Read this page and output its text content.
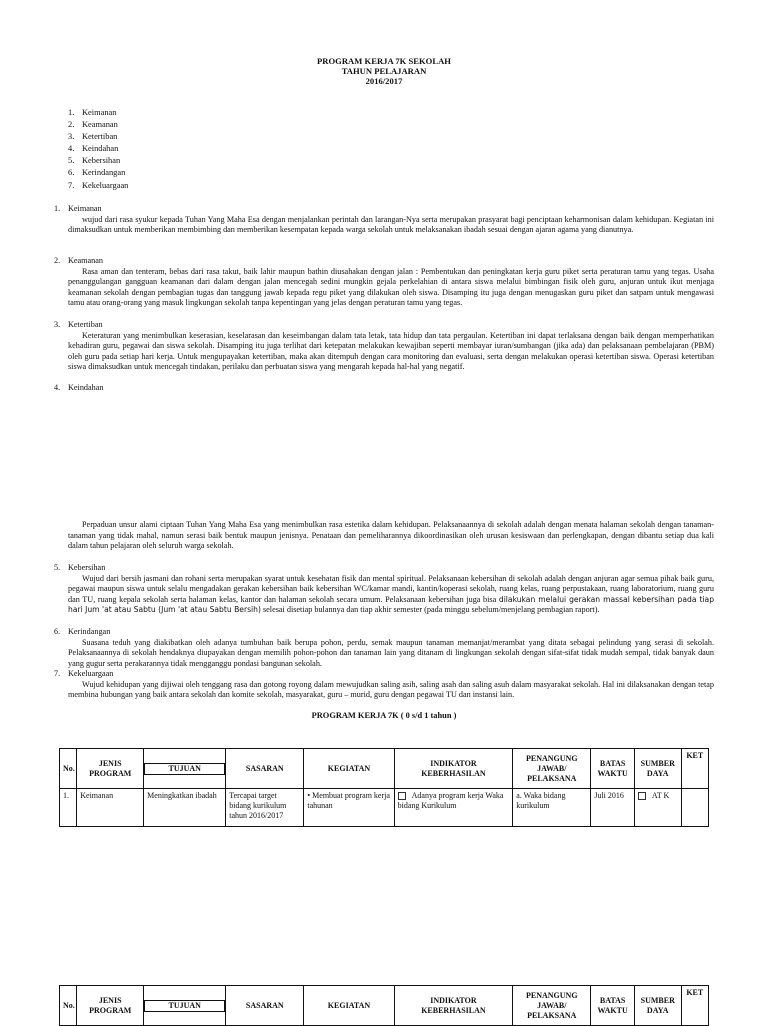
PROGRAM KERJA 7K SEKOLAH
TAHUN PELAJARAN
2016/2017
1. Keimanan
2. Keamanan
3. Ketertiban
4. Keindahan
5. Kebersihan
6. Kerindangan
7. Kekeluargaan
1. Keimanan

wujud dari rasa syukur kepada Tuhan Yang Maha Esa dengan menjalankan perintah dan larangan-Nya serta merupakan prasyarat bagi penciptaan keharmonisan dalam kehidupan. Kegiatan ini dimaksudkan untuk memberikan membimbing dan memberikan kesempatan kepada warga sekolah untuk melaksanakan ibadah sesuai dengan ajaran agama yang dianutnya.

2. Keamanan

Rasa aman dan tenteram, bebas dari rasa takut, baik lahir maupun bathin diusahakan dengan jalan : Pembentukan dan peningkatan kerja guru piket serta peraturan tamu yang tegas. Usaha penanggulangan gangguan keamanan dari dalam dengan jalan mencegah sedini mungkin gejala perkelahian di antara siswa melalui bimbingan fisik oleh guru, anjuran untuk ikut menjaga keamanan sekolah dengan pembagian tugas dan tanggung jawab kepada regu piket yang dilakukan oleh siswa. Disamping itu juga dengan menugaskan guru piket dan satpam untuk mengawasi tamu atau orang-orang yang masuk lingkungan sekolah tanpa kepentingan yang jelas dengan peraturan tamu yang tegas.

3. Ketertiban

Keteraturan yang menimbulkan keserasian, keselarasan dan keseimbangan dalam tata letak, tata hidup dan tata pergaulan. Ketertiban ini dapat terlaksana dengan baik dengan memperhatikan kehadiran guru, pegawai dan siswa sekolah. Disamping itu juga terlihat dari ketepatan melakukan kewajiban seperti membayar iuran/sumbangan (jika ada) dan pelaksanaan pembelajaran (PBM) oleh guru pada setiap hari kerja. Untuk mengupayakan ketertiban, maka akan ditempuh dengan cara monitoring dan evaluasi, serta dengan melakukan operasi ketertiban siswa. Operasi ketertiban siswa dimaksudkan untuk mencegah tindakan, perilaku dan perbuatan siswa yang mengarah kepada hal-hal yang negatif.

4. Keindahan

Perpaduan unsur alami ciptaan Tuhan Yang Maha Esa yang menimbulkan rasa estetika dalam kehidupan. Pelaksanaannya di sekolah adalah dengan menata halaman sekolah dengan tanaman-tanaman yang tidak mahal, namun serasi baik bentuk maupun jenisnya. Penataan dan pemeliharannya dikoordinasikan oleh urusan kesiswaan dan perlengkapan, dengan dibantu setiap dua kali dalam tahun pelajaran oleh seluruh warga sekolah.

5. Kebersihan

Wujud dari bersih jasmani dan rohani serta merupakan syarat untuk kesehatan fisik dan mental spiritual. Pelaksanaan kebersihan di sekolah adalah dengan anjuran agar semua pihak baik guru, pegawai maupun siswa untuk selalu mengadakan gerakan kebersihan baik kebersihan WC/kamar mandi, kantin/koperasi sekolah, ruang kelas, ruang perpustakaan, ruang laboratorium, ruang guru dan TU, ruang kepala sekolah serta halaman kelas, kantor dan halaman sekolah secara umum. Pelaksanaan kebersihan juga bisa dilakukan melalui gerakan massal kebersihan pada tiap hari Jum 'at atau Sabtu (Jum 'at atau Sabtu Bersih) selesai disetiap bulannya dan tiap akhir semester (pada minggu sebelum/menjelang pembagian raport).

6. Kerindangan

Suasana teduh yang diakibatkan oleh adanya tumbuhan baik berupa pohon, perdu, semak maupun tanaman memanjat/merambat yang ditata sebagai pelindung yang serasi di sekolah. Pelaksanaannya di sekolah hendaknya diupayakan dengan memilih pohon-pohon dan tanaman lain yang ditanam di lingkungan sekolah dengan sifat-sifat tidak mudah sempal, tidak banyak daun yang gugur serta perakarannya tidak mengganggu pondasi bangunan sekolah.

7. Kekeluargaan

Wujud kehidupan yang dijiwai oleh tenggang rasa dan gotong royong dalam mewujudkan saling asih, saling asah dan saling asuh dalam masyarakat sekolah. Hal ini dilaksanakan dengan tetap membina hubungan yang baik antara sekolah dan komite sekolah, masyarakat, guru – murid, guru dengan pegawai TU dan instansi lain.

PROGRAM KERJA 7K ( 0 s/d 1 tahun )
No.	JENIS PROGRAM	TUJUAN	SASARAN	KEGIATAN	INDIKATOR KEBERHASILAN	PENANGUNG JAWAB/ PELAKSANA	BATAS WAKTU	SUMBER DAYA	KET
1.	Keimanan	Meningkatkan ibadah	Tercapai target bidang kurikulum tahun 2016/2017	• Membuat program kerja tahunan	Adanya program kerja Waka bidang Kurikulum	a. Waka bidang kurikulum	Juli 2016	AT K	
No.	JENIS PROGRAM	TUJUAN	SASARAN	KEGIATAN	INDIKATOR KEBERHASILAN	PENANGUNG JAWAB/ PELAKSANA	BATAS WAKTU	SUMBER DAYA	KET
